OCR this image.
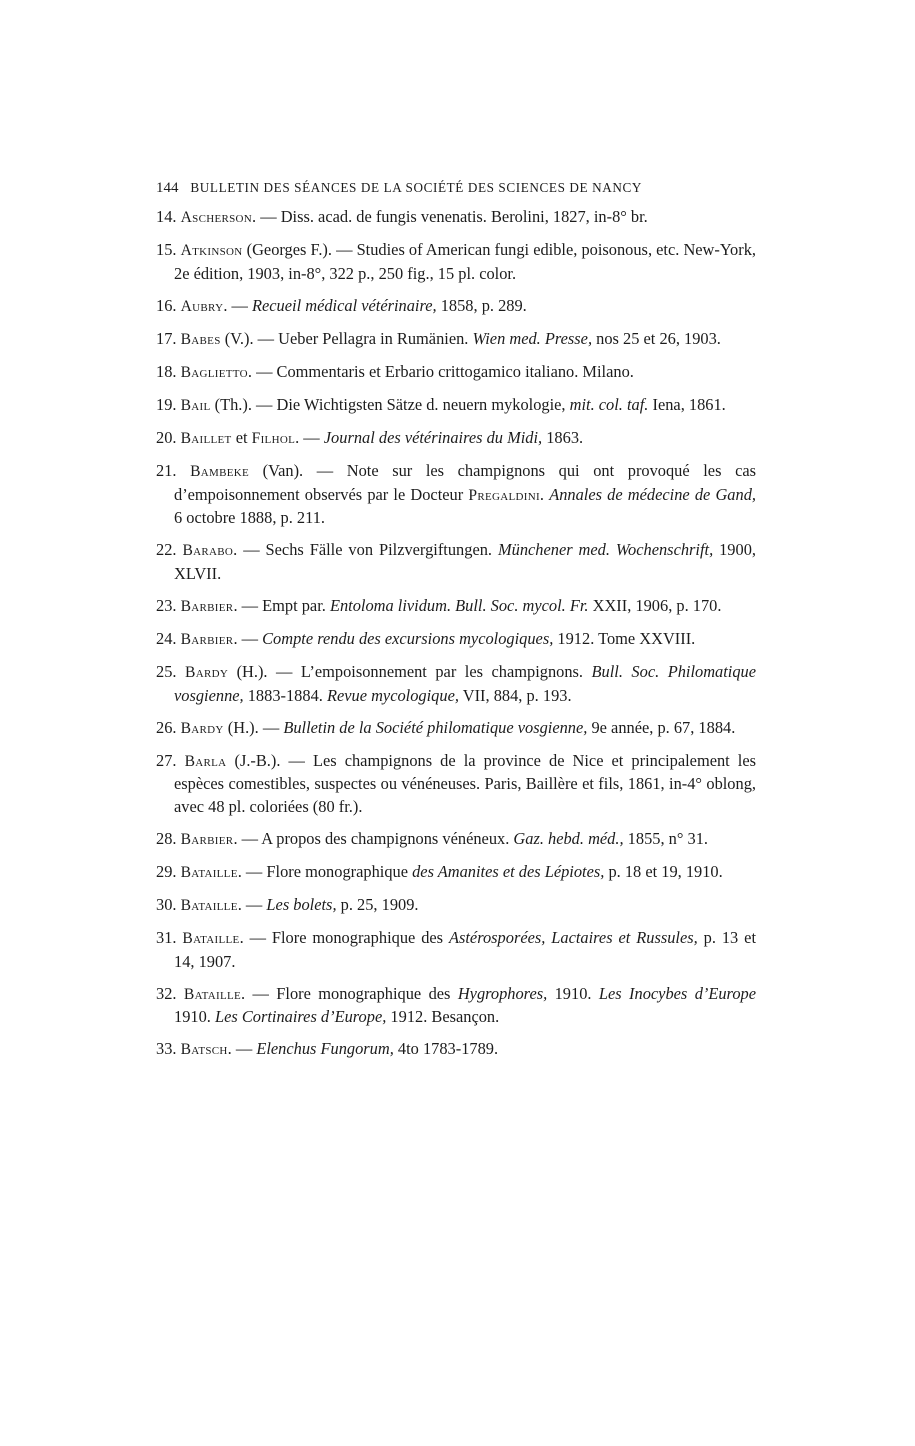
144 BULLETIN DES SÉANCES DE LA SOCIÉTÉ DES SCIENCES DE NANCY
14. Ascherson. — Diss. acad. de fungis venenatis. Berolini, 1827, in-8° br.
15. Atkinson (Georges F.). — Studies of American fungi edible, poisonous, etc. New-York, 2e édition, 1903, in-8°, 322 p., 250 fig., 15 pl. color.
16. Aubry. — Recueil médical vétérinaire, 1858, p. 289.
17. Babes (V.). — Ueber Pellagra in Rumänien. Wien med. Presse, nos 25 et 26, 1903.
18. Baglietto. — Commentaris et Erbario crittogamico italiano. Milano.
19. Bail (Th.). — Die Wichtigsten Sätze d. neuern mykologie, mit. col. taf. Iena, 1861.
20. Baillet et Filhol. — Journal des vétérinaires du Midi, 1863.
21. Bambeke (Van). — Note sur les champignons qui ont provoqué les cas d’empoisonnement observés par le Docteur Pregaldini. Annales de médecine de Gand, 6 octobre 1888, p. 211.
22. Barabo. — Sechs Fälle von Pilzvergiftungen. Münchener med. Wochenschrift, 1900, XLVII.
23. Barbier. — Empt par. Entoloma lividum. Bull. Soc. mycol. Fr. XXII, 1906, p. 170.
24. Barbier. — Compte rendu des excursions mycologiques, 1912. Tome XXVIII.
25. Bardy (H.). — L’empoisonnement par les champignons. Bull. Soc. Philomatique vosgienne, 1883-1884. Revue mycologique, VII, 884, p. 193.
26. Bardy (H.). — Bulletin de la Société philomatique vosgienne, 9e année, p. 67, 1884.
27. Barla (J.-B.). — Les champignons de la province de Nice et principalement les espèces comestibles, suspectes ou vénéneuses. Paris, Baillère et fils, 1861, in-4° oblong, avec 48 pl. coloriées (80 fr.).
28. Barbier. — A propos des champignons vénéneux. Gaz. hebd. méd., 1855, n° 31.
29. Bataille. — Flore monographique des Amanites et des Lépiotes, p. 18 et 19, 1910.
30. Bataille. — Les bolets, p. 25, 1909.
31. Bataille. — Flore monographique des Astérosporées, Lactaires et Russules, p. 13 et 14, 1907.
32. Bataille. — Flore monographique des Hygrophores, 1910. Les Inocybes d’Europe 1910. Les Cortinaires d’Europe, 1912. Besançon.
33. Batsch. — Elenchus Fungorum, 4to 1783-1789.
